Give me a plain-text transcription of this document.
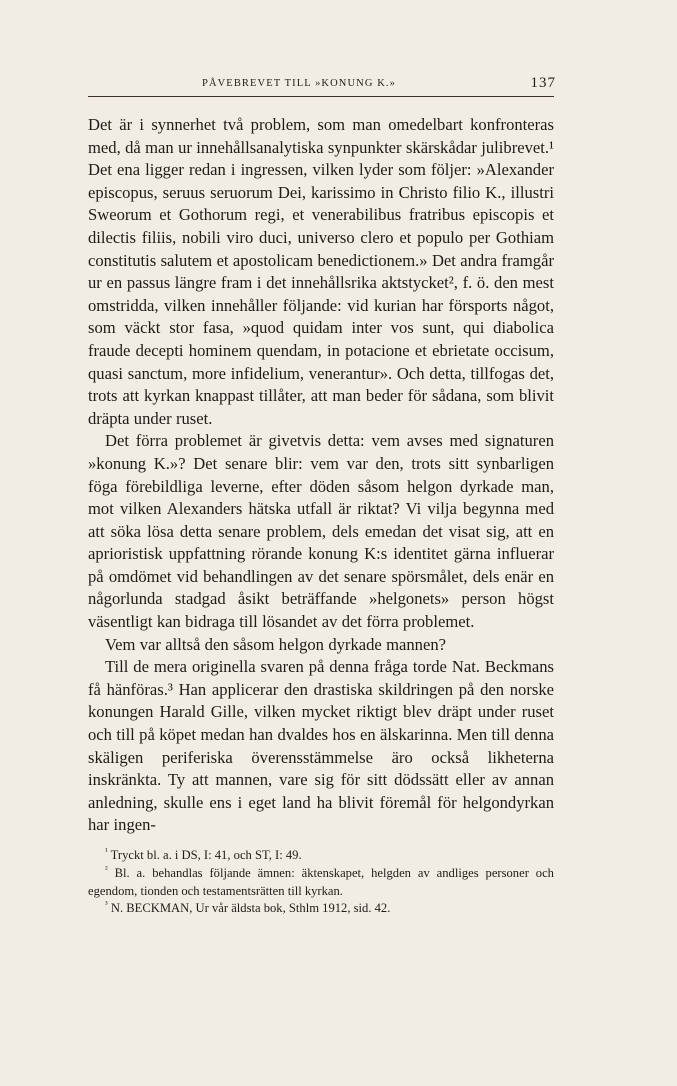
PÅVEBREVET TILL »KONUNG K.»	137

Det är i synnerhet två problem, som man omedelbart konfronteras med, då man ur innehållsanalytiska synpunkter skärskådar julibrevet.¹ Det ena ligger redan i ingressen, vilken lyder som följer: »Alexander episcopus, seruus seruorum Dei, karissimo in Christo filio K., illustri Sweorum et Gothorum regi, et venerabilibus fratribus episcopis et dilectis filiis, nobili viro duci, universo clero et populo per Gothiam constitutis salutem et apostolicam benedictionem.» Det andra framgår ur en passus längre fram i det innehållsrika aktstycket², f. ö. den mest omstridda, vilken innehåller följande: vid kurian har försports något, som väckt stor fasa, »quod quidam inter vos sunt, qui diabolica fraude decepti hominem quendam, in potacione et ebrietate occisum, quasi sanctum, more infidelium, venerantur». Och detta, tillfogas det, trots att kyrkan knappast tillåter, att man beder för sådana, som blivit dräpta under ruset.

Det förra problemet är givetvis detta: vem avses med signaturen »konung K.»? Det senare blir: vem var den, trots sitt synbarligen föga förebildliga leverne, efter döden såsom helgon dyrkade man, mot vilken Alexanders hätska utfall är riktat? Vi vilja begynna med att söka lösa detta senare problem, dels emedan det visat sig, att en aprioristisk uppfattning rörande konung K:s identitet gärna influerar på omdömet vid behandlingen av det senare spörsmålet, dels enär en någorlunda stadgad åsikt beträffande »helgonets» person högst väsentligt kan bidraga till lösandet av det förra problemet.

Vem var alltså den såsom helgon dyrkade mannen?

Till de mera originella svaren på denna fråga torde Nat. Beckmans få hänföras.³ Han applicerar den drastiska skildringen på den norske konungen Harald Gille, vilken mycket riktigt blev dräpt under ruset och till på köpet medan han dvaldes hos en älskarinna. Men till denna skäligen periferiska överensstämmelse äro också likheterna inskränkta. Ty att mannen, vare sig för sitt dödssätt eller av annan anledning, skulle ens i eget land ha blivit föremål för helgondyrkan har ingen-

$^{^1}$ Tryckt bl. a. i DS, I: 41, och ST, I: 49.

$^{^2}$ Bl. a. behandlas följande ämnen: äktenskapet, helgden av andliges personer och egendom, tionden och testamentsrätten till kyrkan.

$^{^3}$ N. BECKMAN, Ur vår äldsta bok, Sthlm 1912, sid. 42.
